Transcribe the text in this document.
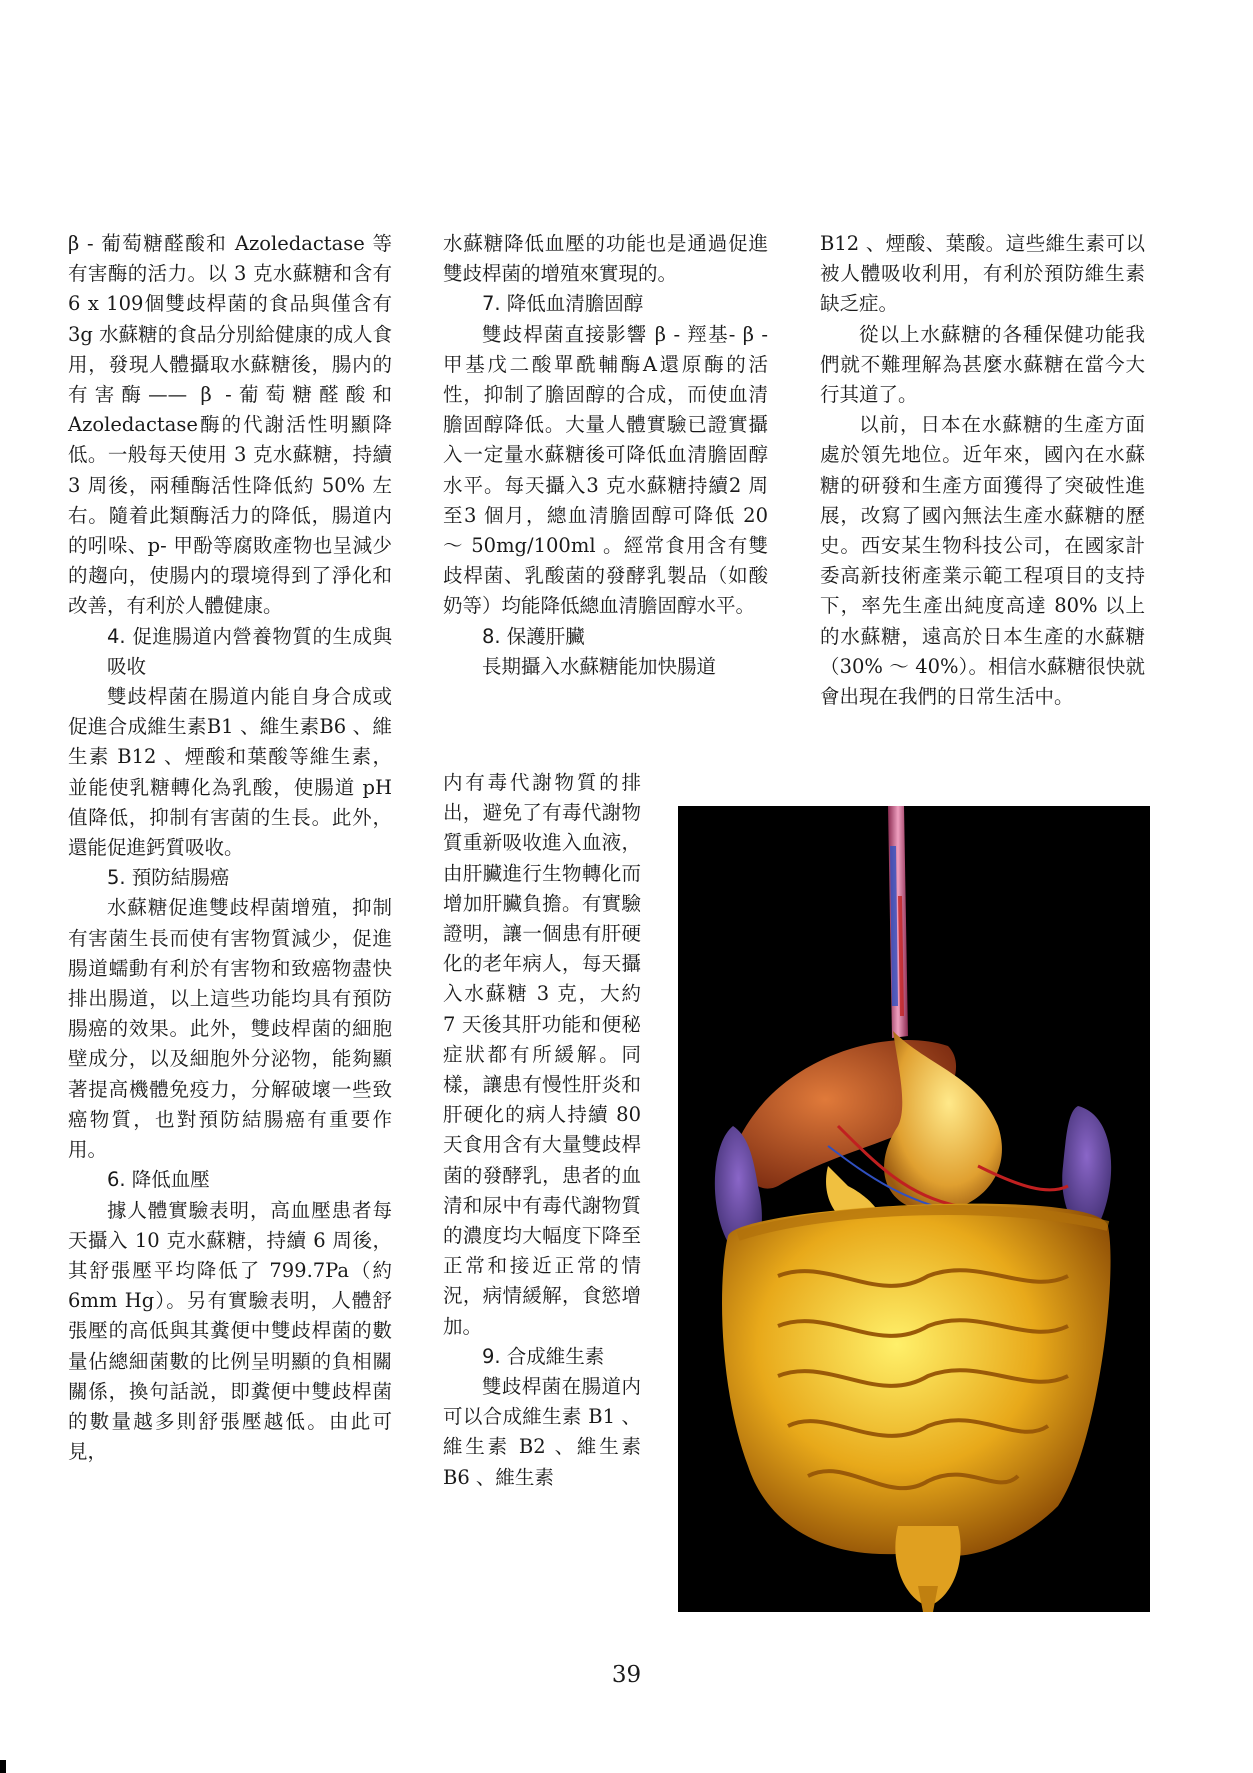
β - 葡萄糖醛酸和 Azoledactase 等有害酶的活力。以 3 克水蘇糖和含有6 x 109個雙歧桿菌的食品與僅含有 3g 水蘇糖的食品分別給健康的成人食用，發現人體攝取水蘇糖後，腸内的有害酶—— β -葡萄糖醛酸和Azoledactase酶的代謝活性明顯降低。一般每天使用 3 克水蘇糖，持續 3 周後，兩種酶活性降低約 50% 左右。隨着此類酶活力的降低，腸道内的吲哚、p- 甲酚等腐敗產物也呈減少的趨向，使腸内的環境得到了淨化和改善，有利於人體健康。

4. 促進腸道内營養物質的生成與吸收

雙歧桿菌在腸道内能自身合成或促進合成維生素B1 、維生素B6 、維生素 B12 、煙酸和葉酸等維生素，並能使乳糖轉化為乳酸，使腸道 pH 值降低，抑制有害菌的生長。此外，還能促進鈣質吸收。

5. 預防結腸癌

水蘇糖促進雙歧桿菌增殖，抑制有害菌生長而使有害物質減少，促進腸道蠕動有利於有害物和致癌物盡快排出腸道，以上這些功能均具有預防腸癌的效果。此外，雙歧桿菌的細胞壁成分，以及細胞外分泌物，能夠顯著提高機體免疫力，分解破壞一些致癌物質，也對預防結腸癌有重要作用。

6. 降低血壓

據人體實驗表明，高血壓患者每天攝入 10 克水蘇糖，持續 6 周後，其舒張壓平均降低了 799.7Pa（約 6mm Hg）。另有實驗表明，人體舒張壓的高低與其糞便中雙歧桿菌的數量佔總細菌數的比例呈明顯的負相關關係，換句話説，即糞便中雙歧桿菌的數量越多則舒張壓越低。由此可見，

水蘇糖降低血壓的功能也是通過促進雙歧桿菌的增殖來實現的。

7. 降低血清膽固醇

雙歧桿菌直接影響 β - 羥基- β - 甲基戊二酸單酰輔酶A還原酶的活性，抑制了膽固醇的合成，而使血清膽固醇降低。大量人體實驗已證實攝入一定量水蘇糖後可降低血清膽固醇水平。每天攝入3 克水蘇糖持續2 周至3 個月，總血清膽固醇可降低 20 ～ 50mg/100ml 。經常食用含有雙歧桿菌、乳酸菌的發酵乳製品（如酸奶等）均能降低總血清膽固醇水平。

8. 保護肝臟

長期攝入水蘇糖能加快腸道

内有毒代謝物質的排出，避免了有毒代謝物質重新吸收進入血液，由肝臟進行生物轉化而增加肝臟負擔。有實驗證明，讓一個患有肝硬化的老年病人，每天攝入水蘇糖 3 克，大約 7 天後其肝功能和便秘症狀都有所緩解。同樣，讓患有慢性肝炎和肝硬化的病人持續 80 天食用含有大量雙歧桿菌的發酵乳，患者的血清和尿中有毒代謝物質的濃度均大幅度下降至正常和接近正常的情況，病情緩解，食慾增加。

9. 合成維生素

雙歧桿菌在腸道内可以合成維生素 B1 、維生素 B2 、維生素 B6 、維生素

B12 、煙酸、葉酸。這些維生素可以被人體吸收利用，有利於預防維生素缺乏症。

從以上水蘇糖的各種保健功能我們就不難理解為甚麼水蘇糖在當今大行其道了。

以前，日本在水蘇糖的生產方面處於領先地位。近年來，國內在水蘇糖的研發和生產方面獲得了突破性進展，改寫了國內無法生產水蘇糖的歷史。西安某生物科技公司，在國家計委高新技術產業示範工程項目的支持下，率先生產出純度高達 80% 以上的水蘇糖，遠高於日本生產的水蘇糖（30% ～ 40%）。相信水蘇糖很快就會出現在我們的日常生活中。

39
